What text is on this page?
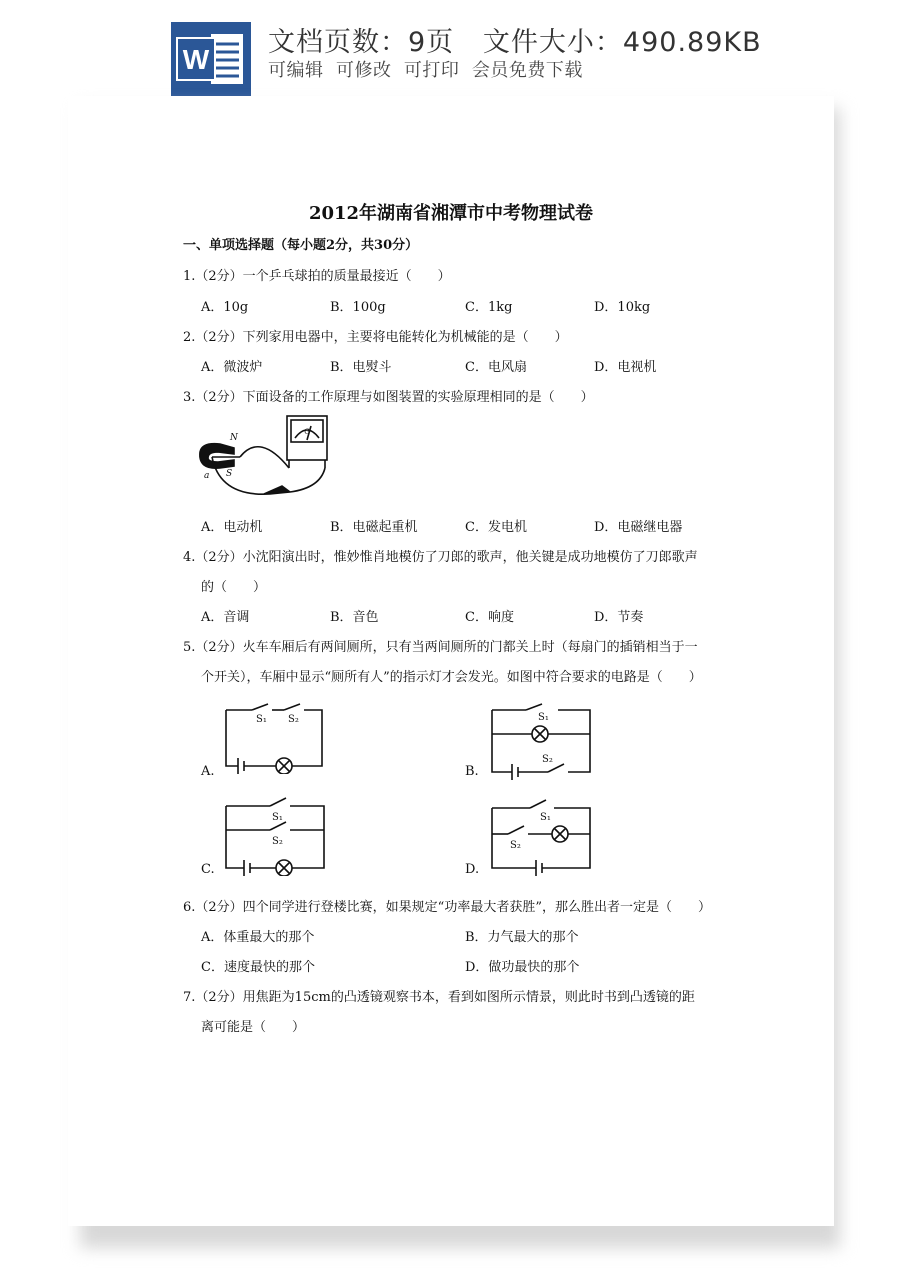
W
文档页数：9页   文件大小：490.89KB
可编辑  可修改  可打印  会员免费下载
2012年湖南省湘潭市中考物理试卷
一、单项选择题（每小题2分，共30分）
1.（2分）一个乒乓球拍的质量最接近（　　）
A．10g	B．100g	C．1kg	D．10kg
2.（2分）下列家用电器中，主要将电能转化为机械能的是（　　）
A．微波炉	B．电熨斗	C．电风扇	D．电视机
3.（2分）下面设备的工作原理与如图装置的实验原理相同的是（　　）
G
N
S
a
A．电动机	B．电磁起重机	C．发电机	D．电磁继电器
4.（2分）小沈阳演出时，惟妙惟肖地模仿了刀郎的歌声，他关键是成功地模仿了刀郎歌声
的（　　）
A．音调	B．音色	C．响度	D．节奏
5.（2分）火车车厢后有两间厕所，只有当两间厕所的门都关上时（每扇门的插销相当于一
个开关），车厢中显示“厕所有人”的指示灯才会发光。如图中符合要求的电路是（　　）
S₁ S₂
A.
S₁
S₂
B.
S₁
S₂
C.
S₁
S₂
D.
6.（2分）四个同学进行登楼比赛，如果规定“功率最大者获胜”，那么胜出者一定是（　　）
A．体重最大的那个	B．力气最大的那个
C．速度最快的那个	D．做功最快的那个
7.（2分）用焦距为15cm的凸透镜观察书本，看到如图所示情景，则此时书到凸透镜的距
离可能是（　　）
